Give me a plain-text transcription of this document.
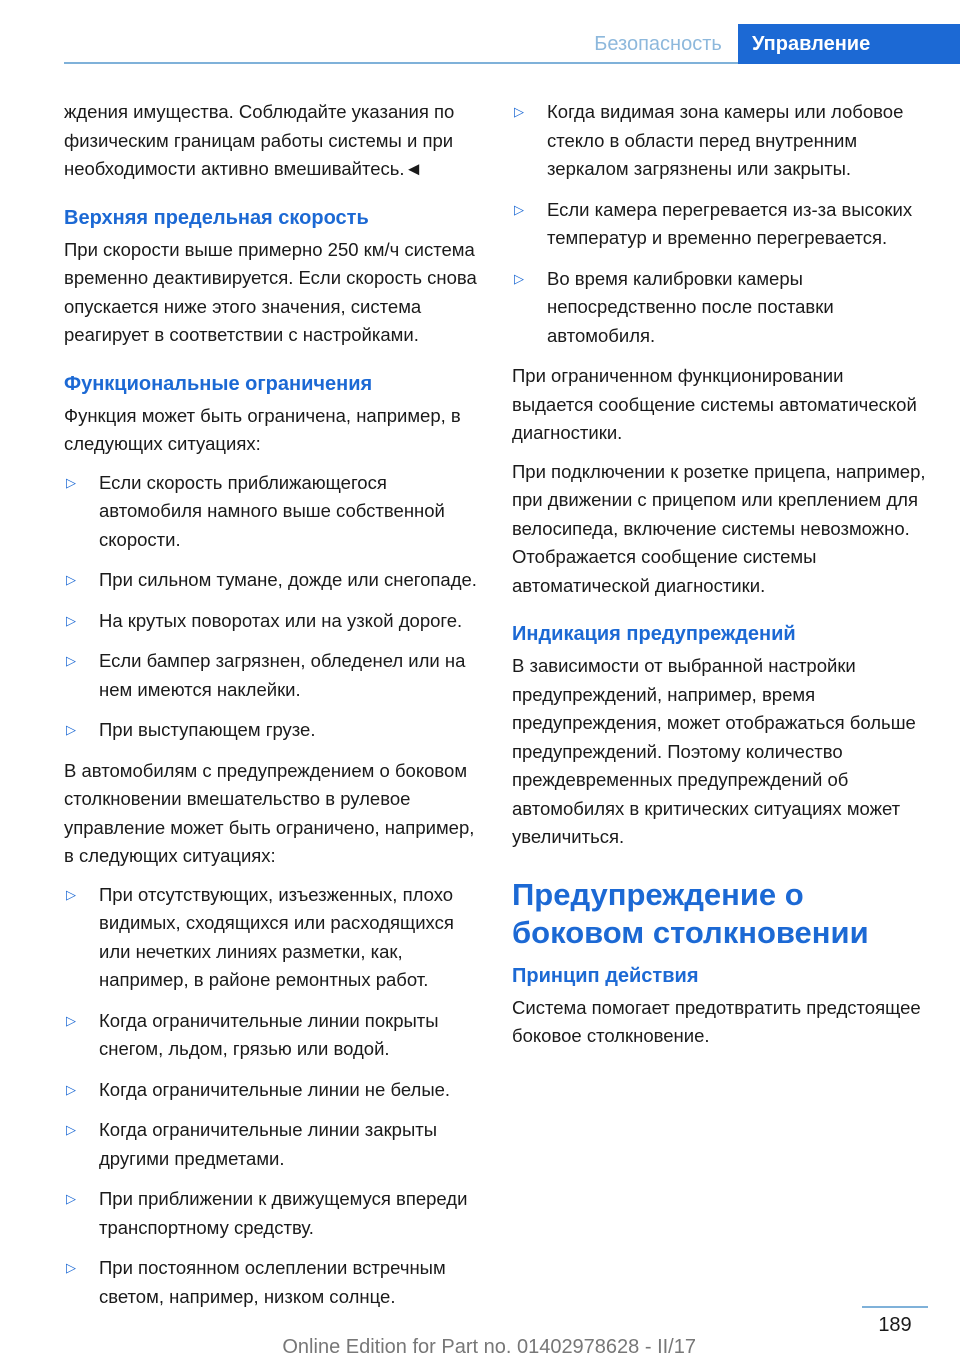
Безопасность	Управление

ждения имущества. Соблюдайте указания по физическим границам работы системы и при необходимости активно вмешивайтесь.◄

Верхняя предельная скорость

При скорости выше примерно 250 км/ч система временно деактивируется. Если скорость снова опускается ниже этого значения, система реагирует в соответствии с настройками.

Функциональные ограничения

Функция может быть ограничена, например, в следующих ситуациях:

▷ Если скорость приближающегося автомобиля намного выше собственной скорости.
▷ При сильном тумане, дожде или снегопаде.
▷ На крутых поворотах или на узкой дороге.
▷ Если бампер загрязнен, обледенел или на нем имеются наклейки.
▷ При выступающем грузе.

В автомобилям с предупреждением о боковом столкновении вмешательство в рулевое управление может быть ограничено, например, в следующих ситуациях:

▷ При отсутствующих, изъезженных, плохо видимых, сходящихся или расходящихся или нечетких линиях разметки, как, например, в районе ремонтных работ.
▷ Когда ограничительные линии покрыты снегом, льдом, грязью или водой.
▷ Когда ограничительные линии не белые.
▷ Когда ограничительные линии закрыты другими предметами.
▷ При приближении к движущемуся впереди транспортному средству.
▷ При постоянном ослеплении встречным светом, например, низком солнце.
▷ Когда видимая зона камеры или лобовое стекло в области перед внутренним зеркалом загрязнены или закрыты.
▷ Если камера перегревается из-за высоких температур и временно перегревается.
▷ Во время калибровки камеры непосредственно после поставки автомобиля.

При ограниченном функционировании выдается сообщение системы автоматической диагностики.

При подключении к розетке прицепа, например, при движении с прицепом или креплением для велосипеда, включение системы невозможно. Отображается сообщение системы автоматической диагностики.

Индикация предупреждений

В зависимости от выбранной настройки предупреждений, например, время предупреждения, может отображаться больше предупреждений. Поэтому количество преждевременных предупреждений об автомобилях в критических ситуациях может увеличиться.

Предупреждение о боковом столкновении
Принцип действия

Система помогает предотвратить предстоящее боковое столкновение.

189
Online Edition for Part no. 01402978628 - II/17
